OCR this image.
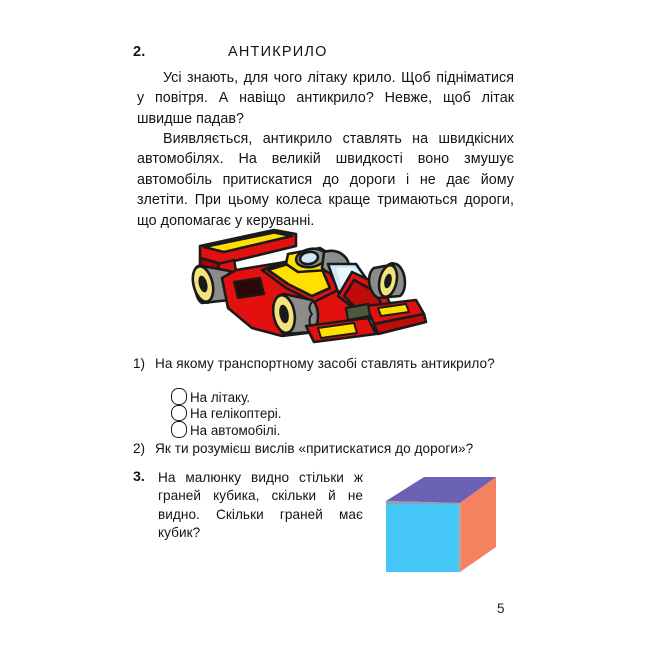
2.	АНТИКРИЛО
Усі знають, для чого літаку крило. Щоб підніматися у повітря. А навіщо антикрило? Невже, щоб літак швидше падав?
Виявляється, антикрило ставлять на швидкісних автомобілях. На великій швидкості воно змушує автомобіль притискатися до дороги і не дає йому злетіти. При цьому колеса краще тримаються дороги, що допомагає у керуванні.
1) На якому транспортному засобі ставлять антикрило?
На літаку.
На гелікоптері.
На автомобілі.
2) Як ти розумієш вислів «притискатися до дороги»?
3. На малюнку видно стільки ж граней кубика, скільки й не видно. Скільки граней має кубик?
5
